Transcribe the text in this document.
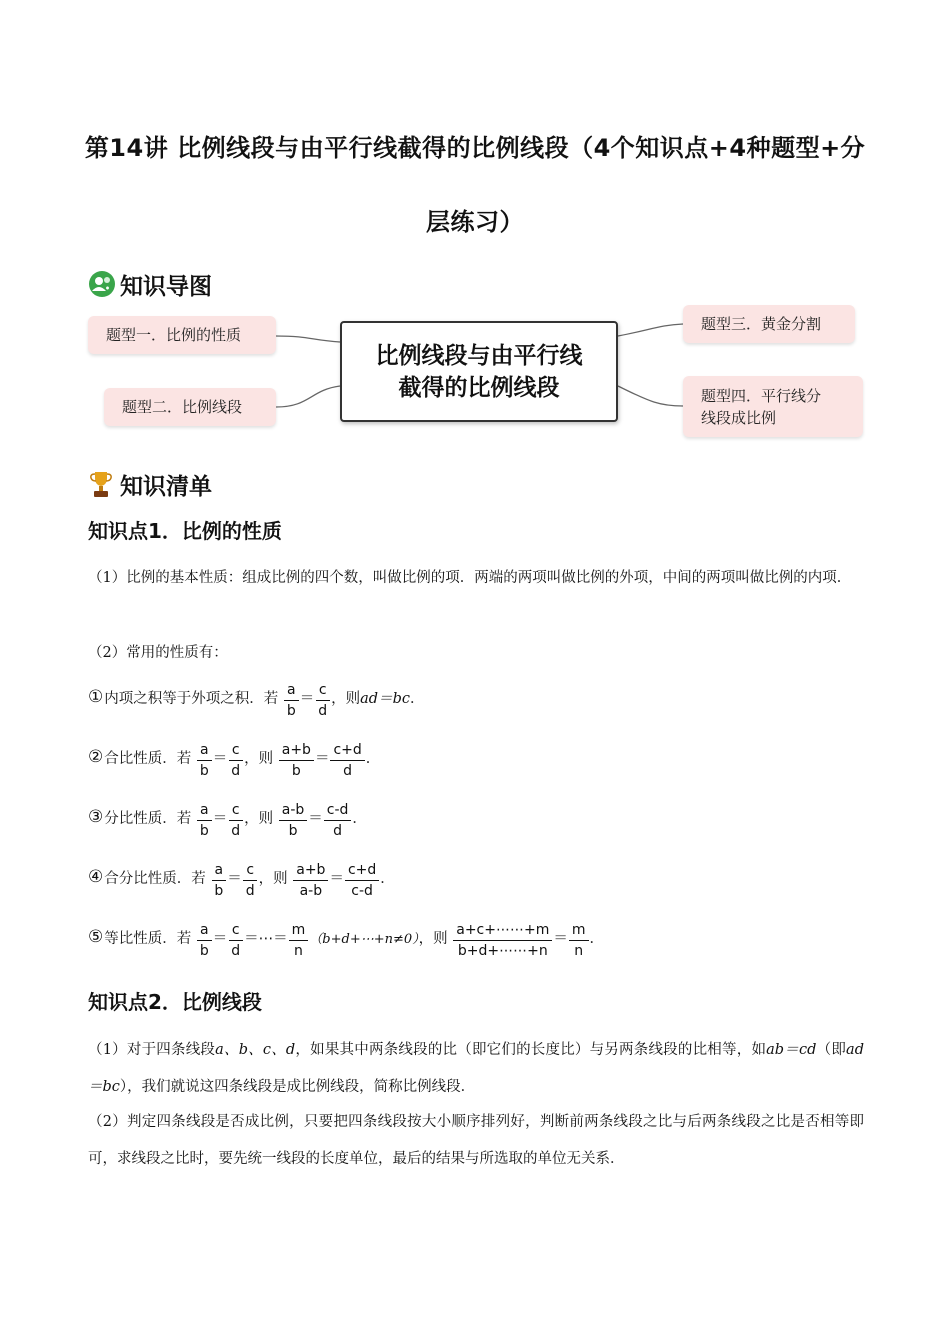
第14讲 比例线段与由平行线截得的比例线段（4个知识点+4种题型+分
层练习）
知识导图
题型一．比例的性质
题型二．比例线段
题型三．黄金分割
题型四．平行线分
线段成比例
比例线段与由平行线
截得的比例线段
知识清单
知识点1．比例的性质
（1）比例的基本性质：组成比例的四个数，叫做比例的项．两端的两项叫做比例的外项，中间的两项叫做比例的内项．
（2）常用的性质有：
①内项之积等于外项之积．若 $\frac{a}{b} = \frac{c}{d}$ ，则ad＝bc．
②合比性质．若 $\frac{a}{b} = \frac{c}{d}$ ，则 $\frac{a+b}{b} = \frac{c+d}{d}$ ．
③分比性质．若 $\frac{a}{b} = \frac{c}{d}$ ，则 $\frac{a-b}{b} = \frac{c-d}{d}$ ．
④合分比性质．若 $\frac{a}{b} = \frac{c}{d}$ ，则 $\frac{a+b}{a-b} = \frac{c+d}{c-d}$ ．
⑤等比性质．若 $\frac{a}{b} = \frac{c}{d}$ ＝⋯＝ $\frac{m}{n}$ （b+d+⋯+n≠0），则 $\frac{a+c+\cdots\cdots+m}{b+d+\cdots\cdots+n} = \frac{m}{n}$ ．
知识点2．比例线段
（1）对于四条线段a、b、c、d，如果其中两条线段的比（即它们的长度比）与另两条线段的比相等，如ab＝cd（即ad＝bc），我们就说这四条线段是成比例线段，简称比例线段．
（2）判定四条线段是否成比例，只要把四条线段按大小顺序排列好，判断前两条线段之比与后两条线段之比是否相等即可，求线段之比时，要先统一线段的长度单位，最后的结果与所选取的单位无关系．
